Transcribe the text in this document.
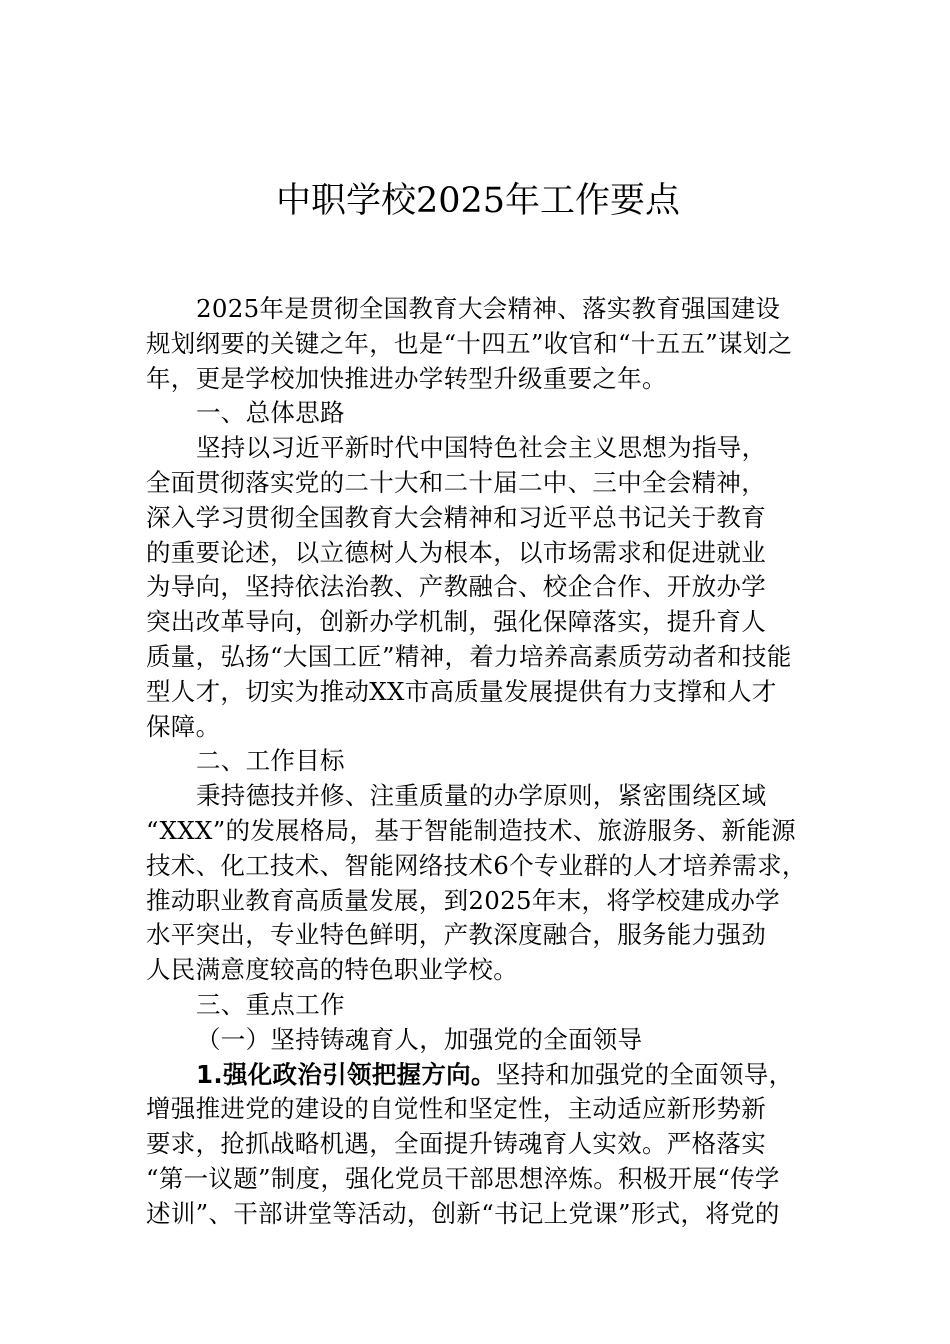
中职学校2025年工作要点

2025年是贯彻全国教育大会精神、落实教育强国建设
规划纲要的关键之年，也是“十四五”收官和“十五五”谋划之
年，更是学校加快推进办学转型升级重要之年。

一、总体思路

坚持以习近平新时代中国特色社会主义思想为指导，
全面贯彻落实党的二十大和二十届二中、三中全会精神，
深入学习贯彻全国教育大会精神和习近平总书记关于教育
的重要论述，以立德树人为根本，以市场需求和促进就业
为导向，坚持依法治教、产教融合、校企合作、开放办学
突出改革导向，创新办学机制，强化保障落实，提升育人
质量，弘扬“大国工匠”精神，着力培养高素质劳动者和技能
型人才，切实为推动XX市高质量发展提供有力支撑和人才
保障。

二、工作目标

秉持德技并修、注重质量的办学原则，紧密围绕区域
“XXX”的发展格局，基于智能制造技术、旅游服务、新能源
技术、化工技术、智能网络技术6个专业群的人才培养需求，
推动职业教育高质量发展，到2025年末，将学校建成办学
水平突出，专业特色鲜明，产教深度融合，服务能力强劲
人民满意度较高的特色职业学校。

三、重点工作

（一）坚持铸魂育人，加强党的全面领导

1.强化政治引领把握方向。坚持和加强党的全面领导，
增强推进党的建设的自觉性和坚定性，主动适应新形势新
要求，抢抓战略机遇，全面提升铸魂育人实效。严格落实
“第一议题”制度，强化党员干部思想淬炼。积极开展“传学
述训”、干部讲堂等活动，创新“书记上党课”形式，将党的
